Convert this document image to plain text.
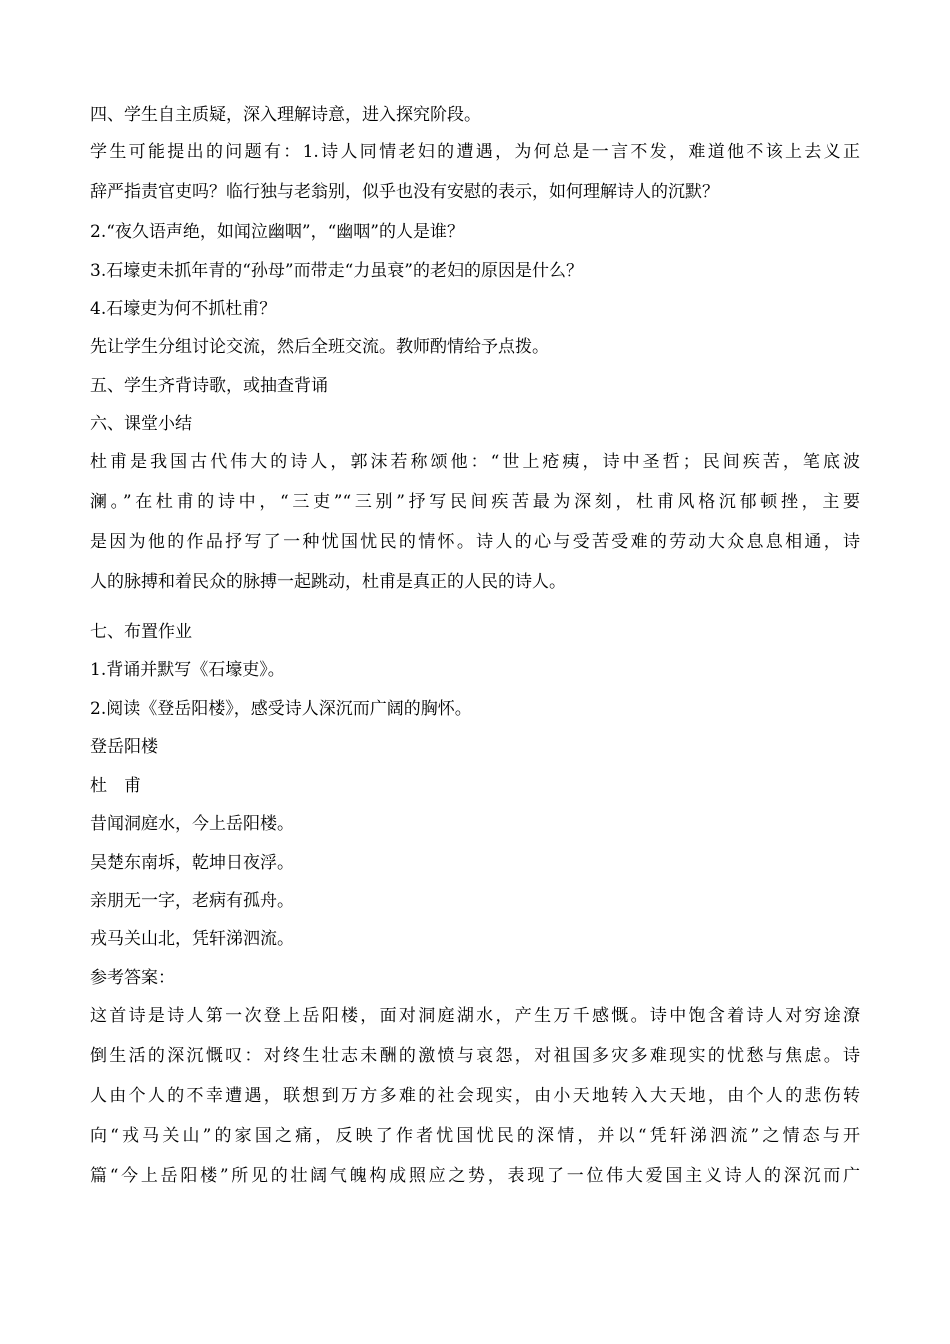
四、学生自主质疑，深入理解诗意，进入探究阶段。

学生可能提出的问题有：1.诗人同情老妇的遭遇，为何总是一言不发，难道他不该上去义正

辞严指责官吏吗？临行独与老翁别，似乎也没有安慰的表示，如何理解诗人的沉默？

2.“夜久语声绝，如闻泣幽咽”，“幽咽”的人是谁？

3.石壕吏未抓年青的“孙母”而带走“力虽衰”的老妇的原因是什么？

4.石壕吏为何不抓杜甫？

先让学生分组讨论交流，然后全班交流。教师酌情给予点拨。

五、学生齐背诗歌，或抽查背诵

六、课堂小结

杜甫是我国古代伟大的诗人，郭沫若称颂他：“世上疮痍，诗中圣哲；民间疾苦，笔底波

澜。”在杜甫的诗中，“三吏”“三别”抒写民间疾苦最为深刻，杜甫风格沉郁顿挫，主要

是因为他的作品抒写了一种忧国忧民的情怀。诗人的心与受苦受难的劳动大众息息相通，诗

人的脉搏和着民众的脉搏一起跳动，杜甫是真正的人民的诗人。

七、布置作业

1.背诵并默写《石壕吏》。

2.阅读《登岳阳楼》，感受诗人深沉而广阔的胸怀。

登岳阳楼

杜　甫

昔闻洞庭水，今上岳阳楼。

吴楚东南坼，乾坤日夜浮。

亲朋无一字，老病有孤舟。

戎马关山北，凭轩涕泗流。

参考答案：

这首诗是诗人第一次登上岳阳楼，面对洞庭湖水，产生万千感慨。诗中饱含着诗人对穷途潦

倒生活的深沉慨叹：对终生壮志未酬的激愤与哀怨，对祖国多灾多难现实的忧愁与焦虑。诗

人由个人的不幸遭遇，联想到万方多难的社会现实，由小天地转入大天地，由个人的悲伤转

向“戎马关山”的家国之痛，反映了作者忧国忧民的深情，并以“凭轩涕泗流”之情态与开

篇“今上岳阳楼”所见的壮阔气魄构成照应之势，表现了一位伟大爱国主义诗人的深沉而广
